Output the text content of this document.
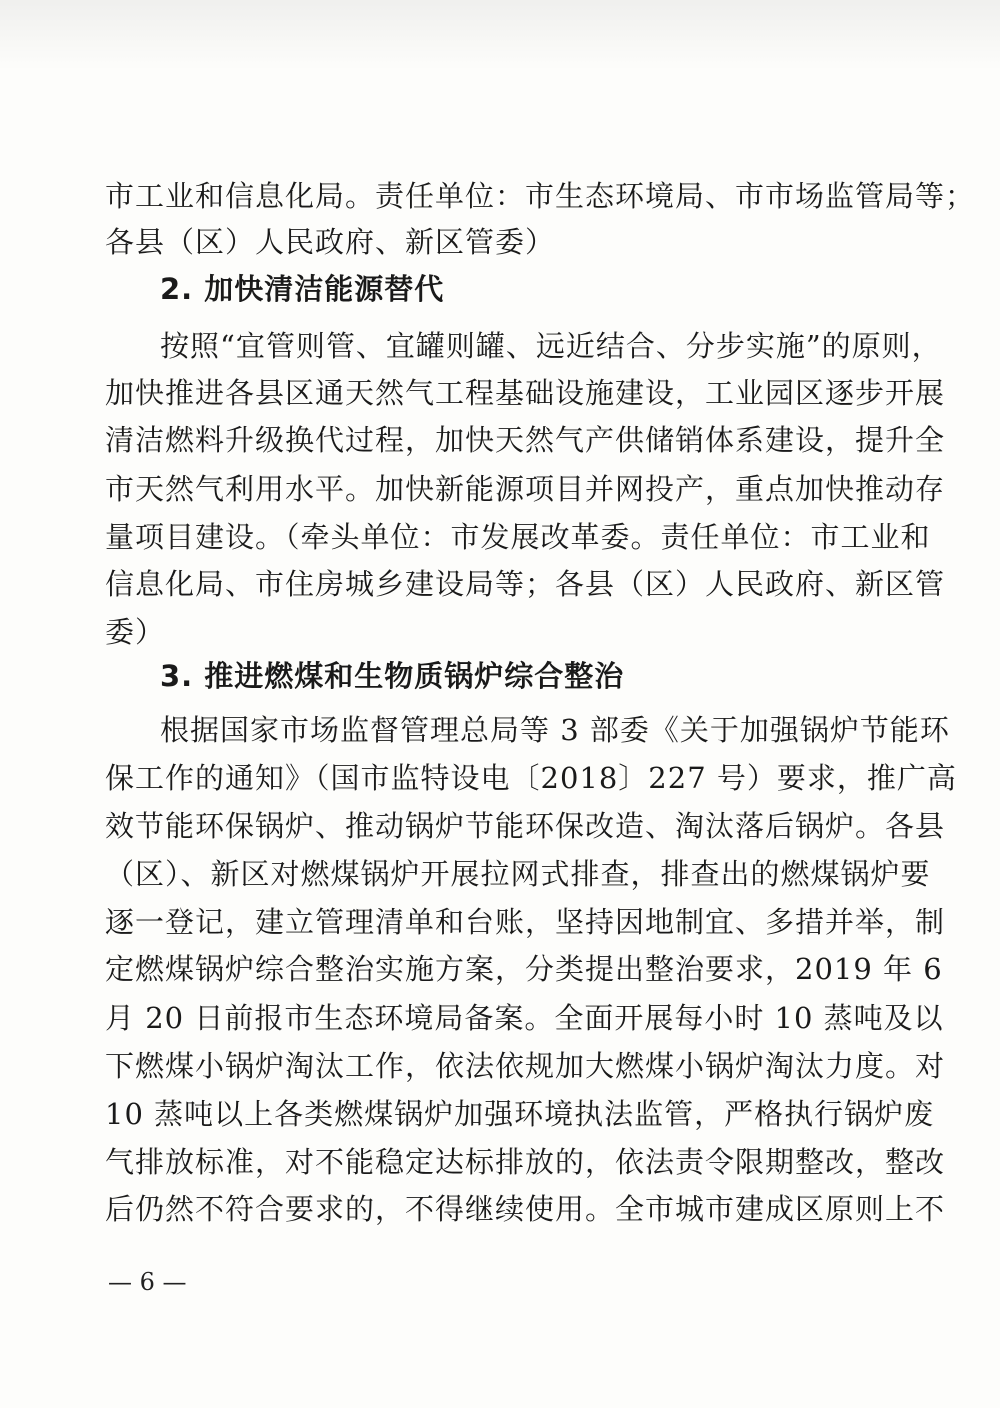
市工业和信息化局。责任单位：市生态环境局、市市场监管局等；
各县（区）人民政府、新区管委）
2. 加快清洁能源替代
按照“宜管则管、宜罐则罐、远近结合、分步实施”的原则，
加快推进各县区通天然气工程基础设施建设，工业园区逐步开展
清洁燃料升级换代过程，加快天然气产供储销体系建设，提升全
市天然气利用水平。加快新能源项目并网投产，重点加快推动存
量项目建设。（牵头单位：市发展改革委。责任单位：市工业和
信息化局、市住房城乡建设局等；各县（区）人民政府、新区管
委）
3. 推进燃煤和生物质锅炉综合整治
根据国家市场监督管理总局等 3 部委《关于加强锅炉节能环
保工作的通知》（国市监特设电〔2018〕227 号）要求，推广高
效节能环保锅炉、推动锅炉节能环保改造、淘汰落后锅炉。各县
（区）、新区对燃煤锅炉开展拉网式排查，排查出的燃煤锅炉要
逐一登记，建立管理清单和台账，坚持因地制宜、多措并举，制
定燃煤锅炉综合整治实施方案，分类提出整治要求，2019 年 6
月 20 日前报市生态环境局备案。全面开展每小时 10 蒸吨及以
下燃煤小锅炉淘汰工作，依法依规加大燃煤小锅炉淘汰力度。对
10 蒸吨以上各类燃煤锅炉加强环境执法监管，严格执行锅炉废
气排放标准，对不能稳定达标排放的，依法责令限期整改，整改
后仍然不符合要求的，不得继续使用。全市城市建成区原则上不
— 6 —
